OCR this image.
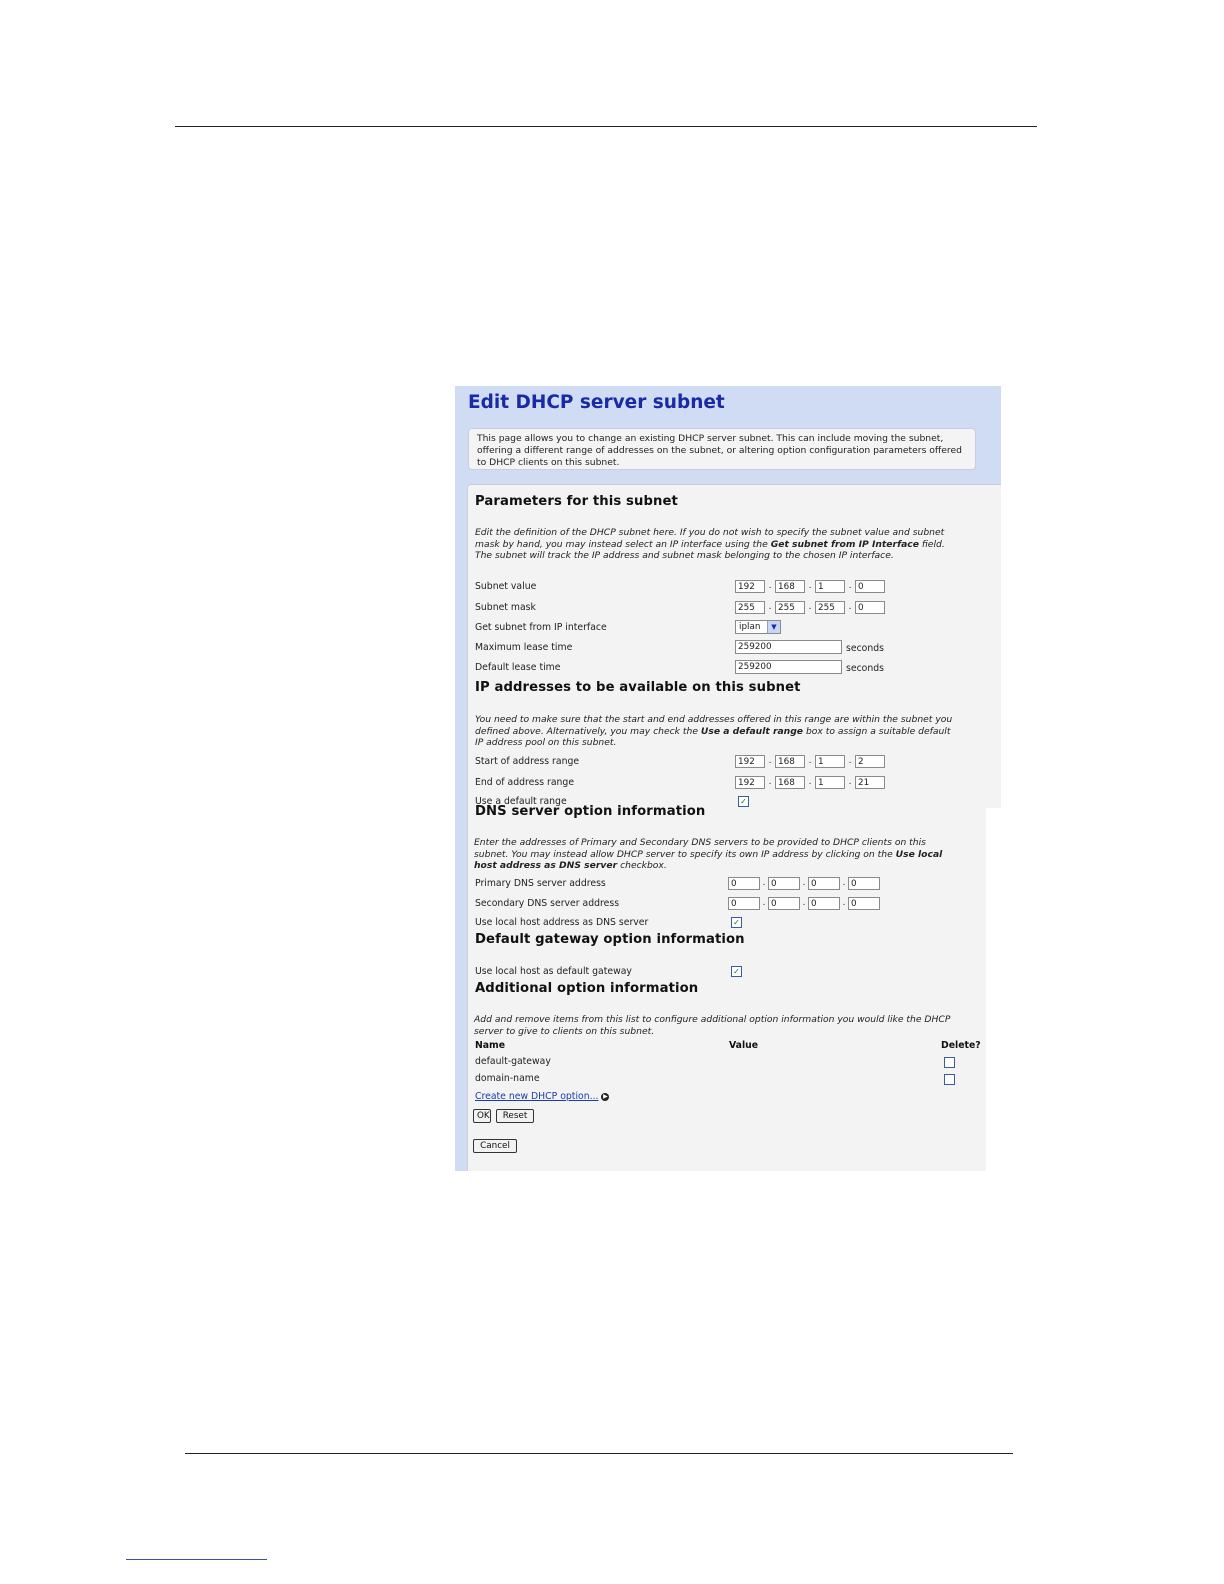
Edit DHCP server subnet
This page allows you to change an existing DHCP server subnet. This can include moving the subnet, offering a different range of addresses on the subnet, or altering option configuration parameters offered to DHCP clients on this subnet.
Parameters for this subnet
Edit the definition of the DHCP subnet here. If you do not wish to specify the subnet value and subnet mask by hand, you may instead select an IP interface using the Get subnet from IP Interface field. The subnet will track the IP address and subnet mask belonging to the chosen IP interface.
Subnet value	192	. 168	. 1	. 0
Subnet mask	255	. 255	. 255	. 0
Get subnet from IP interface	iplan	▼
Maximum lease time	259200	seconds
Default lease time	259200	seconds
IP addresses to be available on this subnet
You need to make sure that the start and end addresses offered in this range are within the subnet you defined above. Alternatively, you may check the Use a default range box to assign a suitable default IP address pool on this subnet.
Start of address range	192	. 168	. 1	. 2
End of address range	192	. 168	. 1	. 21
Use a default range	✓
DNS server option information
Enter the addresses of Primary and Secondary DNS servers to be provided to DHCP clients on this subnet. You may instead allow DHCP server to specify its own IP address by clicking on the Use local host address as DNS server checkbox.
Primary DNS server address	0	. 0	. 0	. 0
Secondary DNS server address	0	. 0	. 0	. 0
Use local host address as DNS server	✓
Default gateway option information
Use local host as default gateway	✓
Additional option information
Add and remove items from this list to configure additional option information you would like the DHCP server to give to clients on this subnet.
Name	Value	Delete?
default-gateway
domain-name
Create new DHCP option... ▶
OK	Reset
Cancel
